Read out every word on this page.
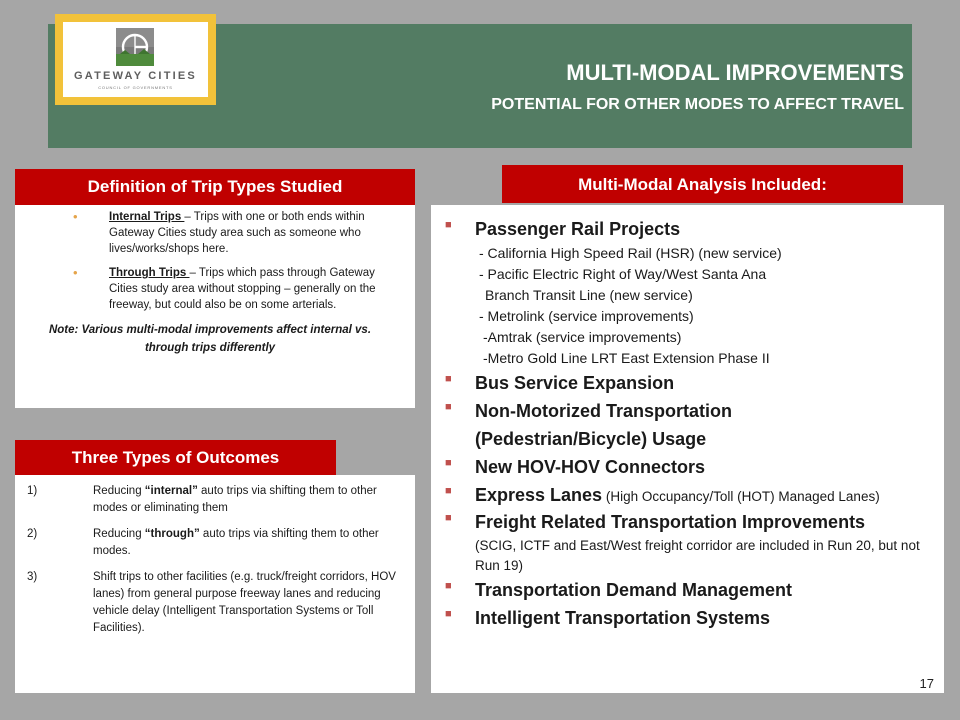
GATEWAY CITIES
COUNCIL OF GOVERNMENTS
MULTI-MODAL IMPROVEMENTS
POTENTIAL FOR OTHER MODES TO AFFECT TRAVEL
Definition of Trip Types Studied
•	Internal Trips – Trips with one or both ends within Gateway Cities study area such as someone who lives/works/shops here.
•	Through Trips – Trips which pass through Gateway Cities study area without stopping – generally on the freeway, but could also be on some arterials.
Note: Various multi-modal improvements affect internal vs. through trips differently
Three Types of Outcomes
1)	Reducing “internal” auto trips via shifting them to other modes or eliminating them
2)	Reducing “through” auto trips via shifting them to other modes.
3)	Shift trips to other facilities (e.g. truck/freight corridors, HOV lanes) from general purpose freeway lanes and reducing vehicle delay (Intelligent Transportation Systems or Toll Facilities).
Multi-Modal Analysis Included:
■	Passenger Rail Projects
- California High Speed Rail (HSR) (new service)
- Pacific Electric Right of Way/West Santa Ana
Branch Transit Line (new service)
- Metrolink (service improvements)
-Amtrak (service improvements)
-Metro Gold Line LRT East Extension Phase II
■	Bus Service Expansion
■	Non-Motorized Transportation (Pedestrian/Bicycle) Usage
■	New HOV-HOV Connectors
■	Express Lanes (High Occupancy/Toll (HOT) Managed Lanes)
■	Freight Related Transportation Improvements
(SCIG, ICTF and East/West freight corridor are included in Run 20, but not Run 19)
■	Transportation Demand Management
■	Intelligent Transportation Systems
17
